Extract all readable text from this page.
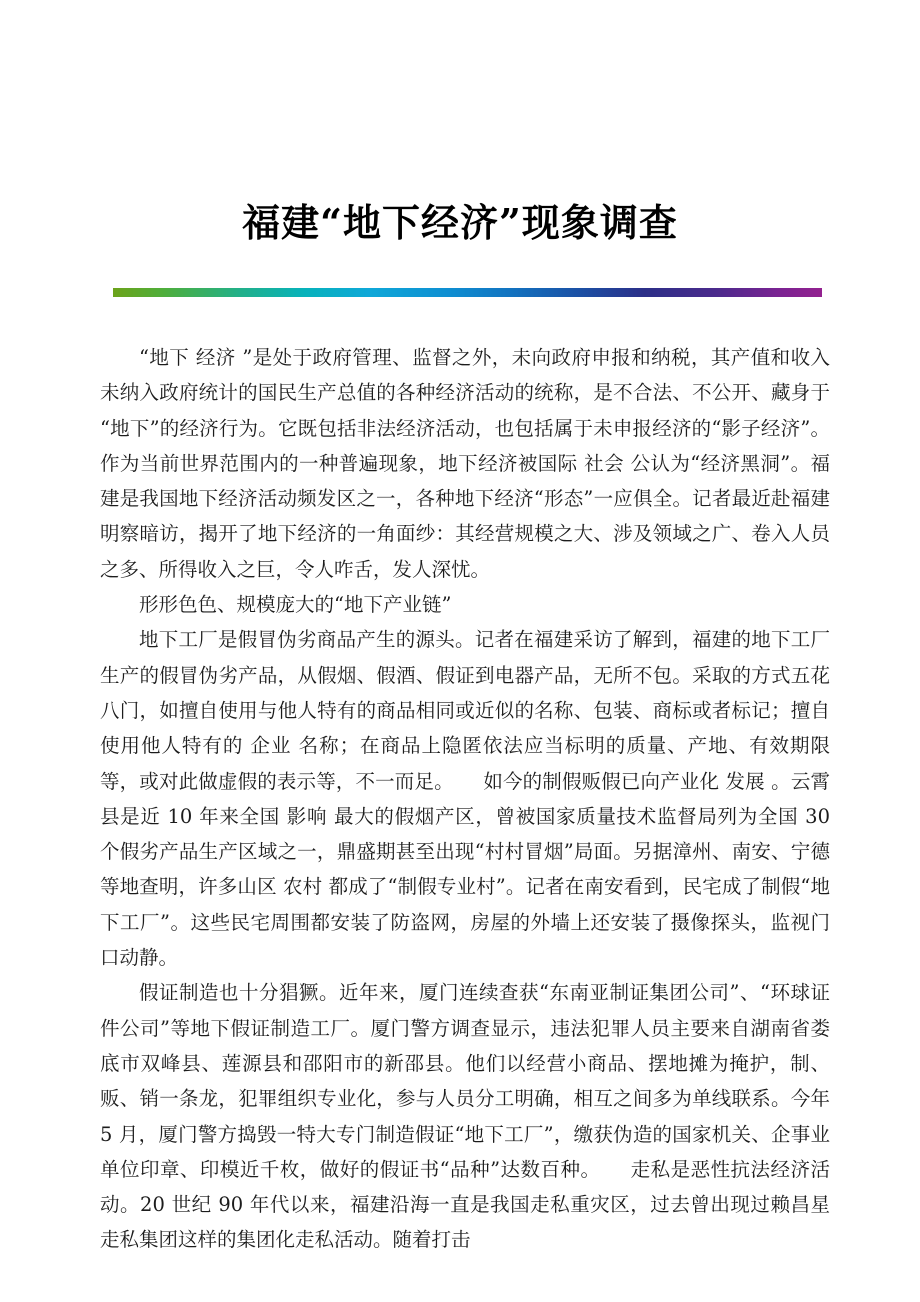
福建“地下经济”现象调查

“地下 经济 ”是处于政府管理、监督之外，未向政府申报和纳税，其产值和收入未纳入政府统计的国民生产总值的各种经济活动的统称，是不合法、不公开、藏身于“地下”的经济行为。它既包括非法经济活动，也包括属于未申报经济的“影子经济”。作为当前世界范围内的一种普遍现象，地下经济被国际 社会 公认为“经济黑洞”。福建是我国地下经济活动频发区之一，各种地下经济“形态”一应俱全。记者最近赴福建明察暗访，揭开了地下经济的一角面纱：其经营规模之大、涉及领域之广、卷入人员之多、所得收入之巨，令人咋舌，发人深忧。

形形色色、规模庞大的“地下产业链”

地下工厂是假冒伪劣商品产生的源头。记者在福建采访了解到，福建的地下工厂生产的假冒伪劣产品，从假烟、假酒、假证到电器产品，无所不包。采取的方式五花八门，如擅自使用与他人特有的商品相同或近似的名称、包装、商标或者标记；擅自使用他人特有的 企业 名称；在商品上隐匿依法应当标明的质量、产地、有效期限等，或对此做虚假的表示等，不一而足。　　如今的制假贩假已向产业化 发展 。云霄县是近 10 年来全国 影响 最大的假烟产区，曾被国家质量技术监督局列为全国 30 个假劣产品生产区域之一，鼎盛期甚至出现“村村冒烟”局面。另据漳州、南安、宁德等地查明，许多山区 农村 都成了“制假专业村”。记者在南安看到，民宅成了制假“地下工厂”。这些民宅周围都安装了防盗网，房屋的外墙上还安装了摄像探头，监视门口动静。

假证制造也十分猖獗。近年来，厦门连续查获“东南亚制证集团公司”、“环球证件公司”等地下假证制造工厂。厦门警方调查显示，违法犯罪人员主要来自湖南省娄底市双峰县、莲源县和邵阳市的新邵县。他们以经营小商品、摆地摊为掩护，制、贩、销一条龙，犯罪组织专业化，参与人员分工明确，相互之间多为单线联系。今年 5 月，厦门警方捣毁一特大专门制造假证“地下工厂”，缴获伪造的国家机关、企事业单位印章、印模近千枚，做好的假证书“品种”达数百种。　　走私是恶性抗法经济活动。20 世纪 90 年代以来，福建沿海一直是我国走私重灾区，过去曾出现过赖昌星走私集团这样的集团化走私活动。随着打击
